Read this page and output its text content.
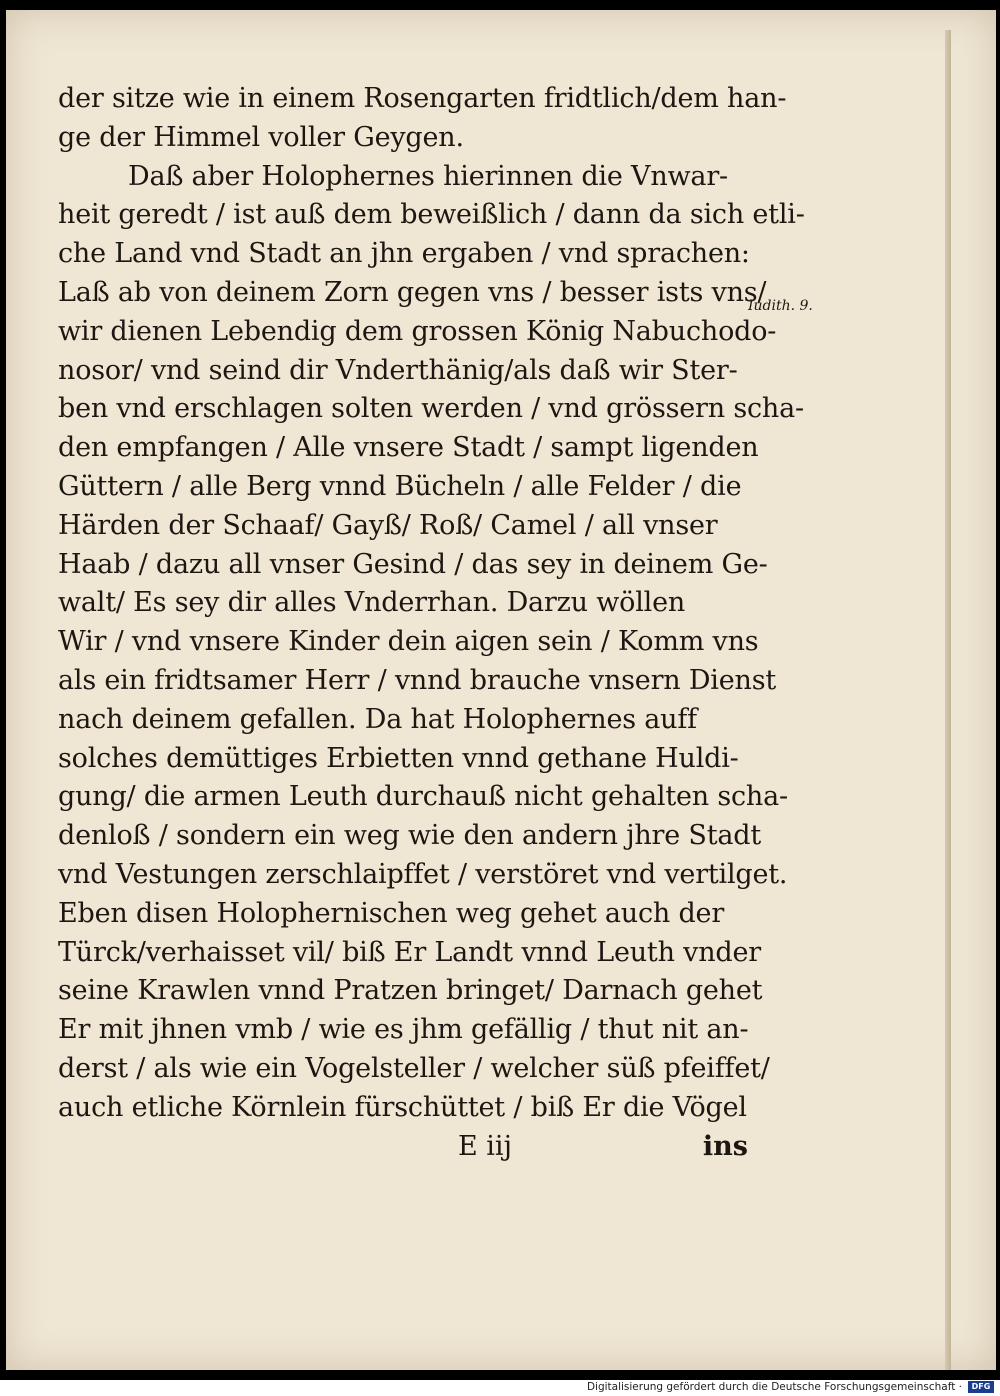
der sitze wie in einem Rosengarten fridtlich/dem han‑
ge der Himmel voller Geygen.
Daß aber Holophernes hierinnen die Vnwar‑
heit geredt / ist auß dem beweißlich / dann da sich etli‑
che Land vnd Stadt an jhn ergaben / vnd sprachen:
Laß ab von deinem Zorn gegen vns / besser ists vns/
wir dienen Lebendig dem grossen König Nabuchodo‑
nosor/ vnd seind dir Vnderthänig/als daß wir Ster‑
ben vnd erschlagen solten werden / vnd grössern scha‑
den empfangen / Alle vnsere Stadt / sampt ligenden
Güttern / alle Berg vnnd Bücheln / alle Felder / die
Härden der Schaaf/ Gayß/ Roß/ Camel / all vnser
Haab / dazu all vnser Gesind / das sey in deinem Ge‑
walt/ Es sey dir alles Vnderrhan. Darzu wöllen
Wir / vnd vnsere Kinder dein aigen sein / Komm vns
als ein fridtsamer Herr / vnnd brauche vnsern Dienst
nach deinem gefallen. Da hat Holophernes auff
solches demüttiges Erbietten vnnd gethane Huldi‑
gung/ die armen Leuth durchauß nicht gehalten scha‑
denloß / sondern ein weg wie den andern jhre Stadt
vnd Vestungen zerschlaipffet / verstöret vnd vertilget.
Eben disen Holophernischen weg gehet auch der
Türck/verhaisset vil/ biß Er Landt vnnd Leuth vnder
seine Krawlen vnnd Pratzen bringet/ Darnach gehet
Er mit jhnen vmb / wie es jhm gefällig / thut nit an‑
derst / als wie ein Vogelsteller / welcher süß pfeiffet/
auch etliche Körnlein fürschüttet / biß Er die Vögel
Iudith. 9.
E iij	ins
Digitalisierung gefördert durch die Deutsche Forschungsgemeinschaft ·	DFG
